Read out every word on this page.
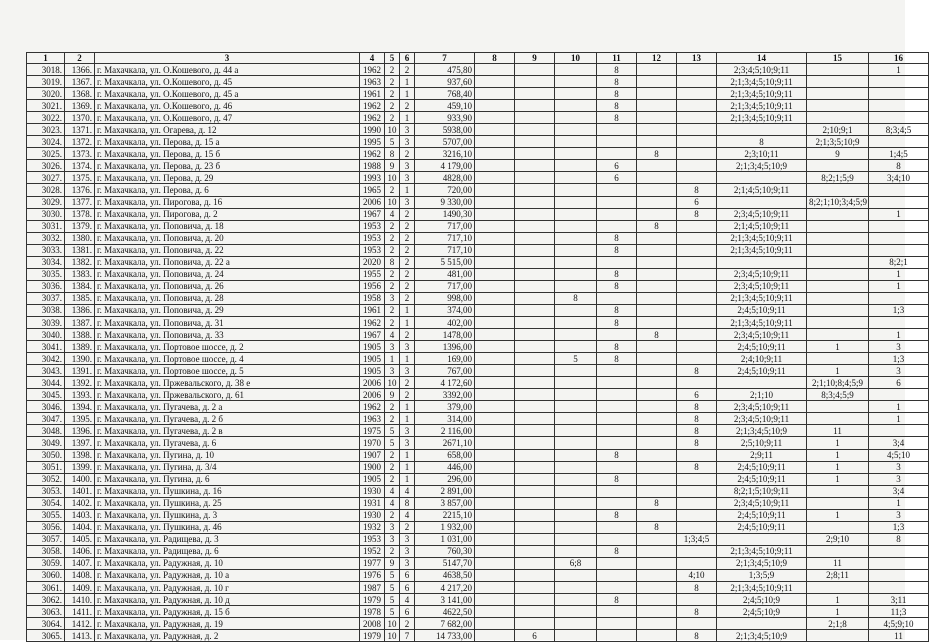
1	2	3	4	5	6	7	8	9	10	11	12	13	14	15	16
3018.	1366.	г. Махачкала, ул. О.Кошевого, д. 44 а	1962	2	2	475,80				8			2;3;4;5;10;9;11		1
3019.	1367.	г. Махачкала, ул. О.Кошевого, д. 45	1963	2	1	937,60				8			2;1;3;4;5;10;9;11		
3020.	1368.	г. Махачкала, ул. О.Кошевого, д. 45 а	1961	2	1	768,40				8			2;1;3;4;5;10;9;11		
3021.	1369.	г. Махачкала, ул. О.Кошевого, д. 46	1962	2	2	459,10				8			2;1;3;4;5;10;9;11		
3022.	1370.	г. Махачкала, ул. О.Кошевого, д. 47	1962	2	1	933,90				8			2;1;3;4;5;10;9;11		
3023.	1371.	г. Махачкала, ул. Огарева, д. 12	1990	10	3	5938,00								2;10;9;1	8;3;4;5
3024.	1372.	г. Махачкала, ул. Перова, д. 15 а	1995	5	3	5707,00							8	2;1;3;5;10;9	
3025.	1373.	г. Махачкала, ул. Перова, д. 15 б	1962	8	2	3216,10					8		2;3;10;11	9	1;4;5
3026.	1374.	г. Махачкала, ул. Перова, д. 23 б	1988	9	3	4 179,00				6			2;1;3;4;5;10;9		8
3027.	1375.	г. Махачкала, ул. Перова, д. 29	1993	10	3	4828,00				6				8;2;1;5;9	3;4;10
3028.	1376.	г. Махачкала, ул. Перова, д. 6	1965	2	1	720,00						8	2;1;4;5;10;9;11		
3029.	1377.	г. Махачкала, ул. Пирогова, д. 16	2006	10	3	9 330,00						6		8;2;1;10;3;4;5;9	
3030.	1378.	г. Махачкала, ул. Пирогова, д. 2	1967	4	2	1490,30						8	2;3;4;5;10;9;11		1
3031.	1379.	г. Махачкала, ул. Поповича, д. 18	1953	2	2	717,00					8		2;1;4;5;10;9;11		
3032.	1380.	г. Махачкала, ул. Поповича, д. 20	1953	2	2	717,10				8			2;1;3;4;5;10;9;11		
3033.	1381.	г. Махачкала, ул. Поповича, д. 22	1953	2	2	717,10				8			2;1;3;4;5;10;9;11		
3034.	1382.	г. Махачкала, ул. Поповича, д. 22 а	2020	8	2	5 515,00									8;2;1
3035.	1383.	г. Махачкала, ул. Поповича, д. 24	1955	2	2	481,00				8			2;3;4;5;10;9;11		1
3036.	1384.	г. Махачкала, ул. Поповича, д. 26	1956	2	2	717,00				8			2;3;4;5;10;9;11		1
3037.	1385.	г. Махачкала, ул. Поповича, д. 28	1958	3	2	998,00			8				2;1;3;4;5;10;9;11		
3038.	1386.	г. Махачкала, ул. Поповича, д. 29	1961	2	1	374,00				8			2;4;5;10;9;11		1;3
3039.	1387.	г. Махачкала, ул. Поповича, д. 31	1962	2	1	402,00				8			2;1;3;4;5;10;9;11		
3040.	1388.	г. Махачкала, ул. Поповича, д. 33	1967	4	2	1478,00					8		2;3;4;5;10;9;11		1
3041.	1389.	г. Махачкала, ул. Портовое шоссе, д. 2	1905	3	3	1396,00				8			2;4;5;10;9;11	1	3
3042.	1390.	г. Махачкала, ул. Портовое шоссе, д. 4	1905	1	1	169,00			5	8			2;4;10;9;11		1;3
3043.	1391.	г. Махачкала, ул. Портовое шоссе, д. 5	1905	3	3	767,00						8	2;4;5;10;9;11	1	3
3044.	1392.	г. Махачкала, ул. Пржевальского, д. 38 е	2006	10	2	4 172,60								2;1;10;8;4;5;9	6
3045.	1393.	г. Махачкала, ул. Пржевальского, д. 61	2006	9	2	3392,00						6	2;1;10	8;3;4;5;9	
3046.	1394.	г. Махачкала, ул. Пугачева, д. 2 а	1962	2	1	379,00						8	2;3;4;5;10;9;11		1
3047.	1395.	г. Махачкала, ул. Пугачева, д. 2 б	1963	2	1	314,00						8	2;3;4;5;10;9;11		1
3048.	1396.	г. Махачкала, ул. Пугачева, д. 2 в	1975	5	3	2 116,00						8	2;1;3;4;5;10;9	11	
3049.	1397.	г. Махачкала, ул. Пугачева, д. 6	1970	5	3	2671,10						8	2;5;10;9;11	1	3;4
3050.	1398.	г. Махачкала, ул. Пугина, д. 10	1907	2	1	658,00				8			2;9;11	1	4;5;10
3051.	1399.	г. Махачкала, ул. Пугина, д. 3/4	1900	2	1	446,00						8	2;4;5;10;9;11	1	3
3052.	1400.	г. Махачкала, ул. Пугина, д. 6	1905	2	1	296,00				8			2;4;5;10;9;11	1	3
3053.	1401.	г. Махачкала, ул. Пушкина, д. 16	1930	4	4	2 891,00							8;2;1;5;10;9;11		3;4
3054.	1402.	г. Махачкала, ул. Пушкина, д. 25	1931	4	8	3 857,00					8		2;3;4;5;10;9;11		1
3055.	1403.	г. Махачкала, ул. Пушкина, д. 3	1930	2	4	2215,10				8			2;4;5;10;9;11	1	3
3056.	1404.	г. Махачкала, ул. Пушкина, д. 46	1932	3	2	1 932,00					8		2;4;5;10;9;11		1;3
3057.	1405.	г. Махачкала, ул. Радищева, д. 3	1953	3	3	1 031,00						1;3;4;5		2;9;10	8
3058.	1406.	г. Махачкала, ул. Радищева, д. 6	1952	2	3	760,30				8			2;1;3;4;5;10;9;11		
3059.	1407.	г. Махачкала, ул. Радужная, д. 10	1977	9	3	5147,70			6;8				2;1;3;4;5;10;9	11	
3060.	1408.	г. Махачкала, ул. Радужная, д. 10 а	1976	5	6	4638,50						4;10	1;3;5;9	2;8;11	
3061.	1409.	г. Махачкала, ул. Радужная, д. 10 г	1987	5	6	4 217,20						8	2;1;3;4;5;10;9;11		
3062.	1410.	г. Махачкала, ул. Радужная, д. 10 д	1979	5	4	3 141,00				8			2;4;5;10;9	1	3;11
3063.	1411.	г. Махачкала, ул. Радужная, д. 15 б	1978	5	6	4622,50						8	2;4;5;10;9	1	11;3
3064.	1412.	г. Махачкала, ул. Радужная, д. 19	2008	10	2	7 682,00								2;1;8	4;5;9;10
3065.	1413.	г. Махачкала, ул. Радужная, д. 2	1979	10	7	14 733,00		6				8	2;1;3;4;5;10;9		11
